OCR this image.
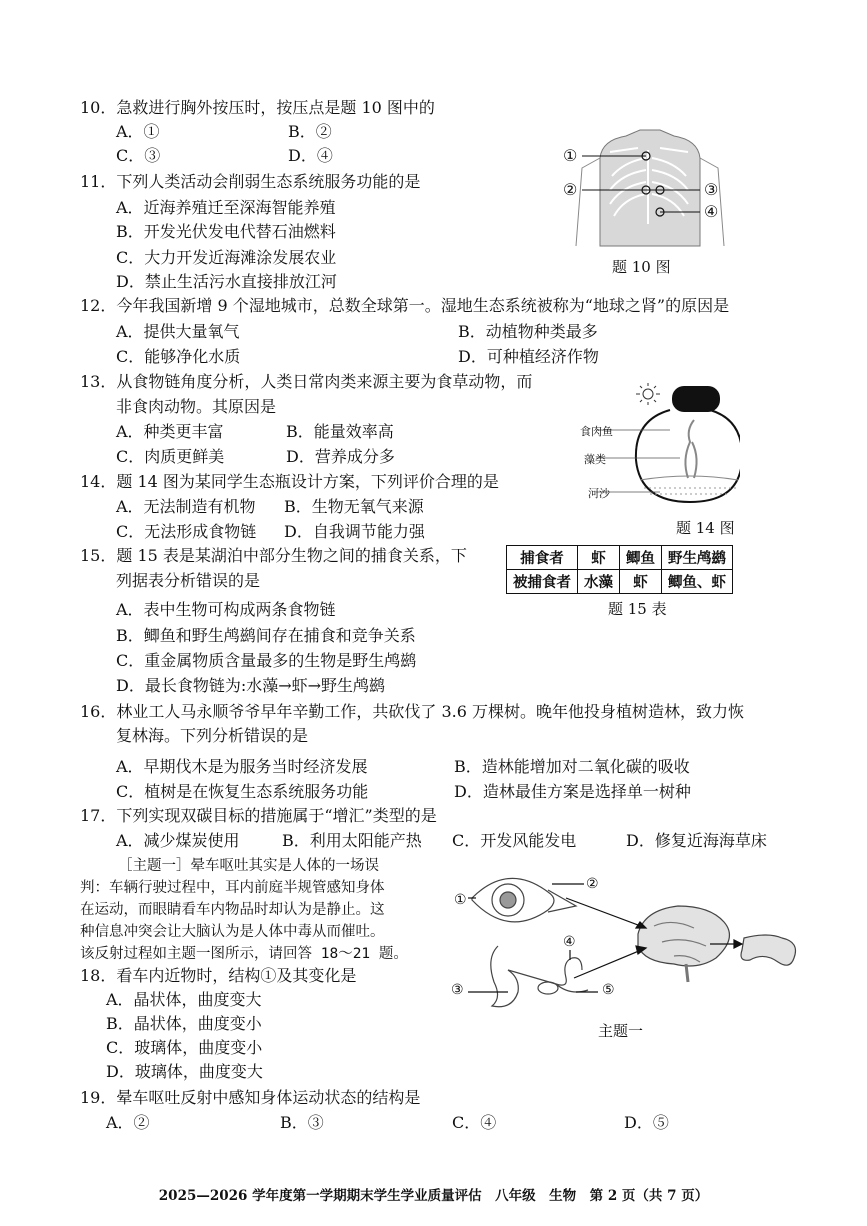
10．急救进行胸外按压时，按压点是题 10 图中的
A．①	B．②
C．③	D．④
11．下列人类活动会削弱生态系统服务功能的是
A．近海养殖迁至深海智能养殖
B．开发光伏发电代替石油燃料
C．大力开发近海滩涂发展农业
D．禁止生活污水直接排放江河
①
②	③
④
题 10 图
12．今年我国新增 9 个湿地城市，总数全球第一。湿地生态系统被称为“地球之肾”的原因是
A．提供大量氧气	B．动植物种类最多
C．能够净化水质	D．可种植经济作物
13．从食物链角度分析，人类日常肉类来源主要为食草动物，而
非食肉动物。其原因是
A．种类更丰富	B．能量效率高
C．肉质更鲜美	D．营养成分多
食肉鱼
藻类
河沙
题 14 图
14．题 14 图为某同学生态瓶设计方案，下列评价合理的是
A．无法制造有机物 B．生物无氧气来源
C．无法形成食物链 D．自我调节能力强
15．题 15 表是某湖泊中部分生物之间的捕食关系，下
列据表分析错误的是
捕食者	虾	鲫鱼	野生鸬鹚
被捕食者	水藻	虾	鲫鱼、虾
题 15 表
A．表中生物可构成两条食物链
B．鲫鱼和野生鸬鹚间存在捕食和竞争关系
C．重金属物质含量最多的生物是野生鸬鹚
D．最长食物链为:水藻→虾→野生鸬鹚
16．林业工人马永顺爷爷早年辛勤工作，共砍伐了 3.6 万棵树。晚年他投身植树造林，致力恢
复林海。下列分析错误的是
A．早期伐木是为服务当时经济发展	B．造林能增加对二氧化碳的吸收
C．植树是在恢复生态系统服务功能	D．造林最佳方案是选择单一树种
17．下列实现双碳目标的措施属于“增汇”类型的是
A．减少煤炭使用	B．利用太阳能产热 C．开发风能发电	D．修复近海海草床
［主题一］晕车呕吐其实是人体的一场误
判：车辆行驶过程中，耳内前庭半规管感知身体
在运动，而眼睛看车内物品时却认为是静止。这
种信息冲突会让大脑认为是人体中毒从而催吐。
该反射过程如主题一图所示，请回答 18～21 题。
①
②
③
④
⑤
主题一
18．看车内近物时，结构①及其变化是
A．晶状体，曲度变大
B．晶状体，曲度变小
C．玻璃体，曲度变小
D．玻璃体，曲度变大
19．晕车呕吐反射中感知身体运动状态的结构是
A．②	B．③	C．④	D．⑤
2025—2026 学年度第一学期期末学生学业质量评估　八年级　生物　第 2 页（共 7 页）
